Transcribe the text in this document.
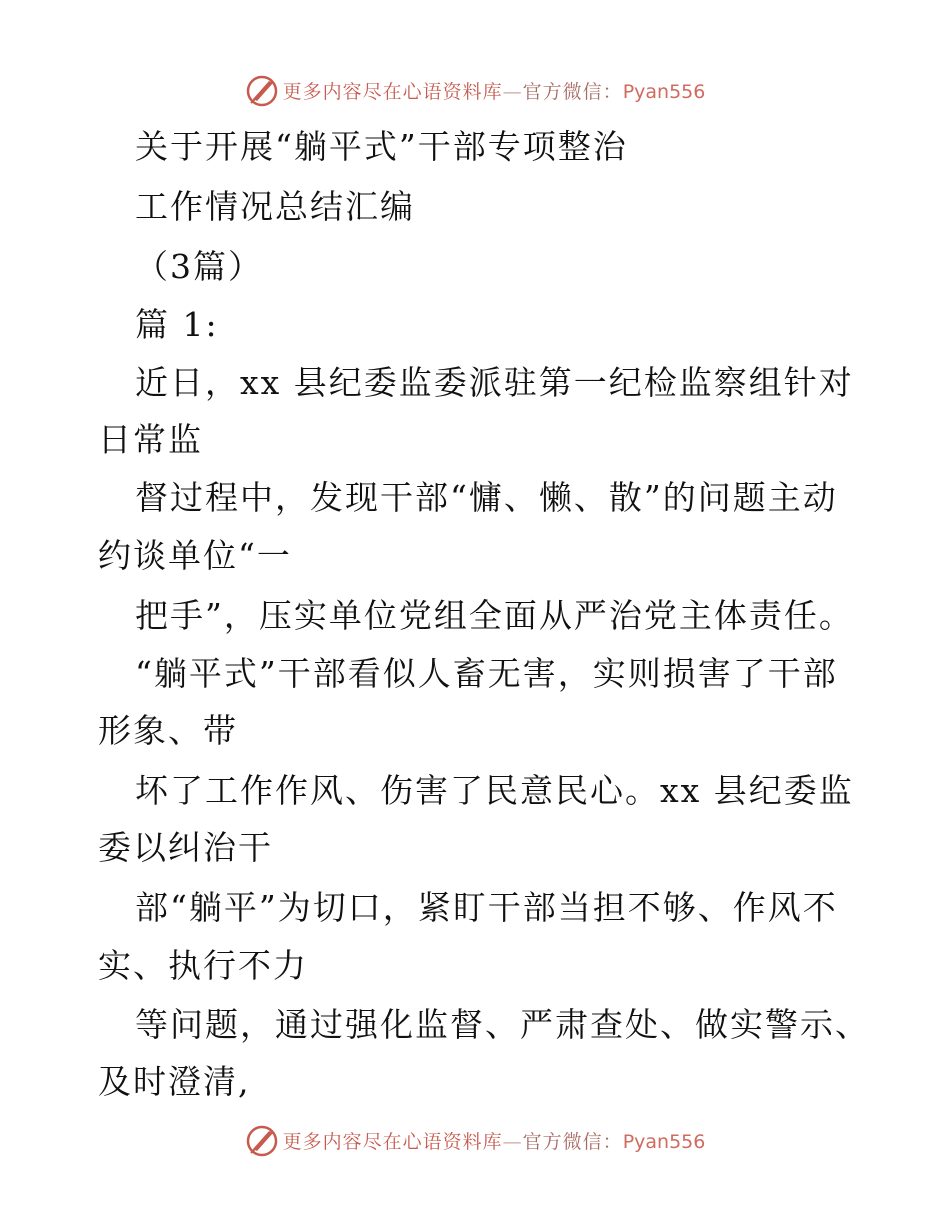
更多内容尽在心语资料库—官方微信：Pyan556
关于开展“躺平式”干部专项整治
工作情况总结汇编
（3篇）
篇 1:
近日，xx 县纪委监委派驻第一纪检监察组针对
日常监
督过程中，发现干部“慵、懒、散”的问题主动
约谈单位“一
把手”，压实单位党组全面从严治党主体责任。
“躺平式”干部看似人畜无害，实则损害了干部
形象、带
坏了工作作风、伤害了民意民心。xx 县纪委监
委以纠治干
部“躺平”为切口，紧盯干部当担不够、作风不
实、执行不力
等问题，通过强化监督、严肃查处、做实警示、
及时澄清,
更多内容尽在心语资料库—官方微信：Pyan556
